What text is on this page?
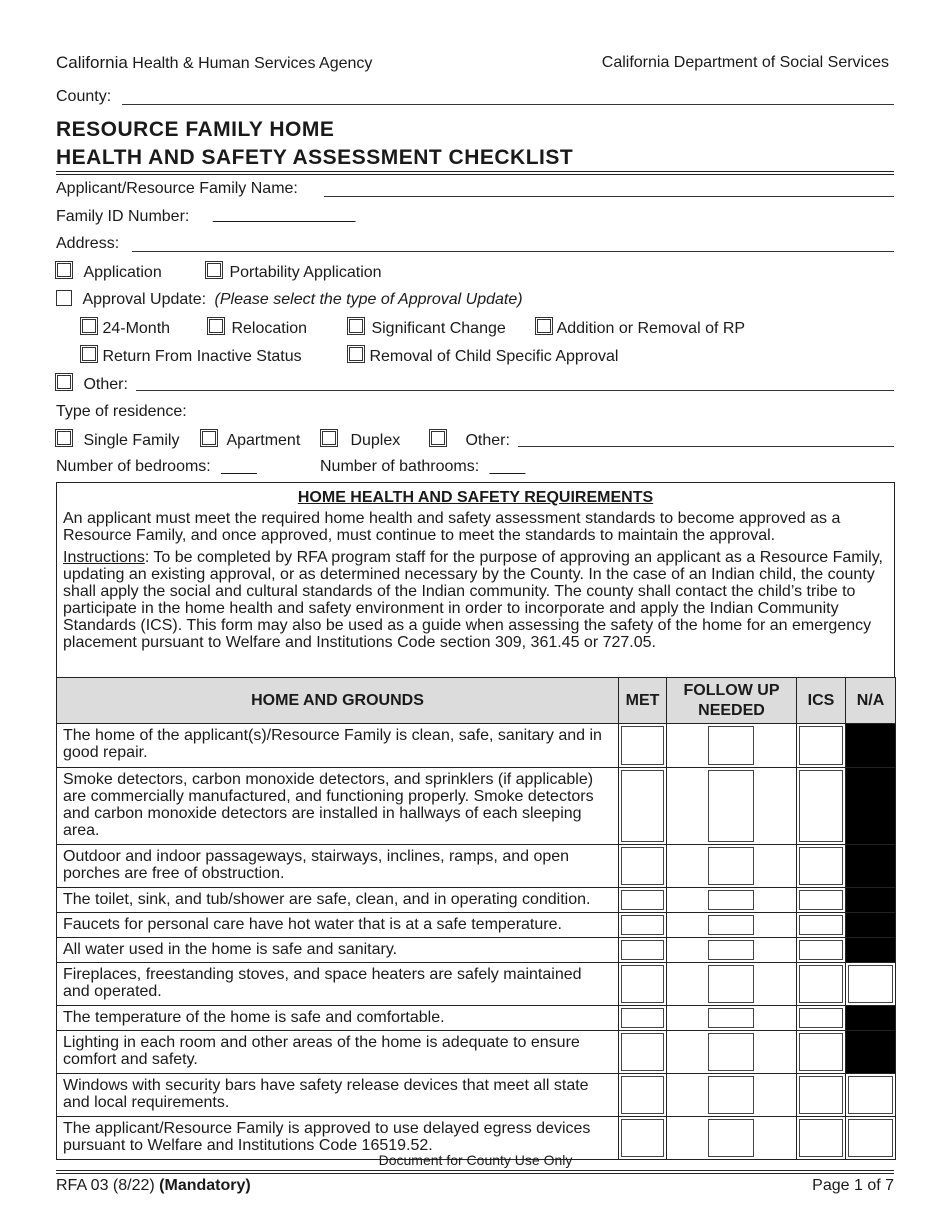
California Health & Human Services Agency	California Department of Social Services
County:
RESOURCE FAMILY HOME
HEALTH AND SAFETY ASSESSMENT CHECKLIST
Applicant/Resource Family Name:
Family ID Number: ________________
Address:
Application	Portability Application
Approval Update: (Please select the type of Approval Update)
24-Month	Relocation	Significant Change	Addition or Removal of RP
Return From Inactive Status	Removal of Child Specific Approval
Other:
Type of residence:
Single Family	Apartment	Duplex	Other:
Number of bedrooms: ____	Number of bathrooms: ____
HOME HEALTH AND SAFETY REQUIREMENTS

An applicant must meet the required home health and safety assessment standards to become approved as a Resource Family, and once approved, must continue to meet the standards to maintain the approval.

Instructions: To be completed by RFA program staff for the purpose of approving an applicant as a Resource Family, updating an existing approval, or as determined necessary by the County. In the case of an Indian child, the county shall apply the social and cultural standards of the Indian community. The county shall contact the child’s tribe to participate in the home health and safety environment in order to incorporate and apply the Indian Community Standards (ICS). This form may also be used as a guide when assessing the safety of the home for an emergency placement pursuant to Welfare and Institutions Code section 309, 361.45 or 727.05.

HOME AND GROUNDS	MET	FOLLOW UP NEEDED	ICS	N/A
The home of the applicant(s)/Resource Family is clean, safe, sanitary and in good repair.	

Smoke detectors, carbon monoxide detectors, and sprinklers (if applicable) are commercially manufactured, and functioning properly. Smoke detectors and carbon monoxide detectors are installed in hallways of each sleeping area.	

Outdoor and indoor passageways, stairways, inclines, ramps, and open porches are free of obstruction.	

The toilet, sink, and tub/shower are safe, clean, and in operating condition.	

Faucets for personal care have hot water that is at a safe temperature.	

All water used in the home is safe and sanitary.	

Fireplaces, freestanding stoves, and space heaters are safely maintained and operated.	

The temperature of the home is safe and comfortable.	

Lighting in each room and other areas of the home is adequate to ensure comfort and safety.	

Windows with security bars have safety release devices that meet all state and local requirements.	

The applicant/Resource Family is approved to use delayed egress devices pursuant to Welfare and Institutions Code 16519.52.	

Document for County Use Only
RFA 03 (8/22) (Mandatory)	Page 1 of 7
